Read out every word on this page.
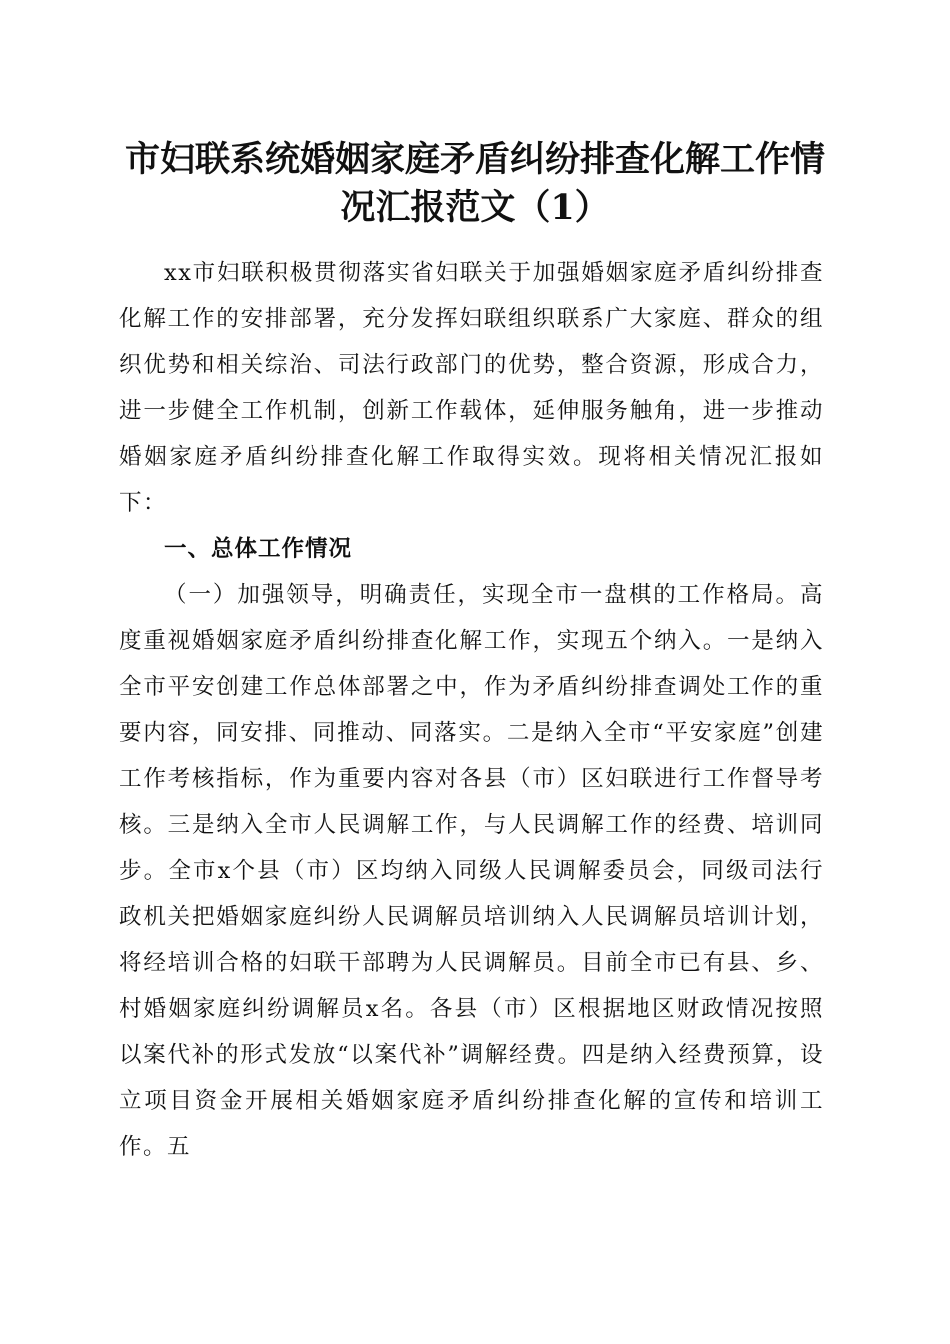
市妇联系统婚姻家庭矛盾纠纷排查化解工作情况汇报范文（1）

xx市妇联积极贯彻落实省妇联关于加强婚姻家庭矛盾纠纷排查化解工作的安排部署，充分发挥妇联组织联系广大家庭、群众的组织优势和相关综治、司法行政部门的优势，整合资源，形成合力，进一步健全工作机制，创新工作载体，延伸服务触角，进一步推动婚姻家庭矛盾纠纷排查化解工作取得实效。现将相关情况汇报如下：

一、总体工作情况

（一）加强领导，明确责任，实现全市一盘棋的工作格局。高度重视婚姻家庭矛盾纠纷排查化解工作，实现五个纳入。一是纳入全市平安创建工作总体部署之中，作为矛盾纠纷排查调处工作的重要内容，同安排、同推动、同落实。二是纳入全市“平安家庭”创建工作考核指标，作为重要内容对各县（市）区妇联进行工作督导考核。三是纳入全市人民调解工作，与人民调解工作的经费、培训同步。全市x个县（市）区均纳入同级人民调解委员会，同级司法行政机关把婚姻家庭纠纷人民调解员培训纳入人民调解员培训计划，将经培训合格的妇联干部聘为人民调解员。目前全市已有县、乡、村婚姻家庭纠纷调解员x名。各县（市）区根据地区财政情况按照以案代补的形式发放“以案代补”调解经费。四是纳入经费预算，设立项目资金开展相关婚姻家庭矛盾纠纷排查化解的宣传和培训工作。五
